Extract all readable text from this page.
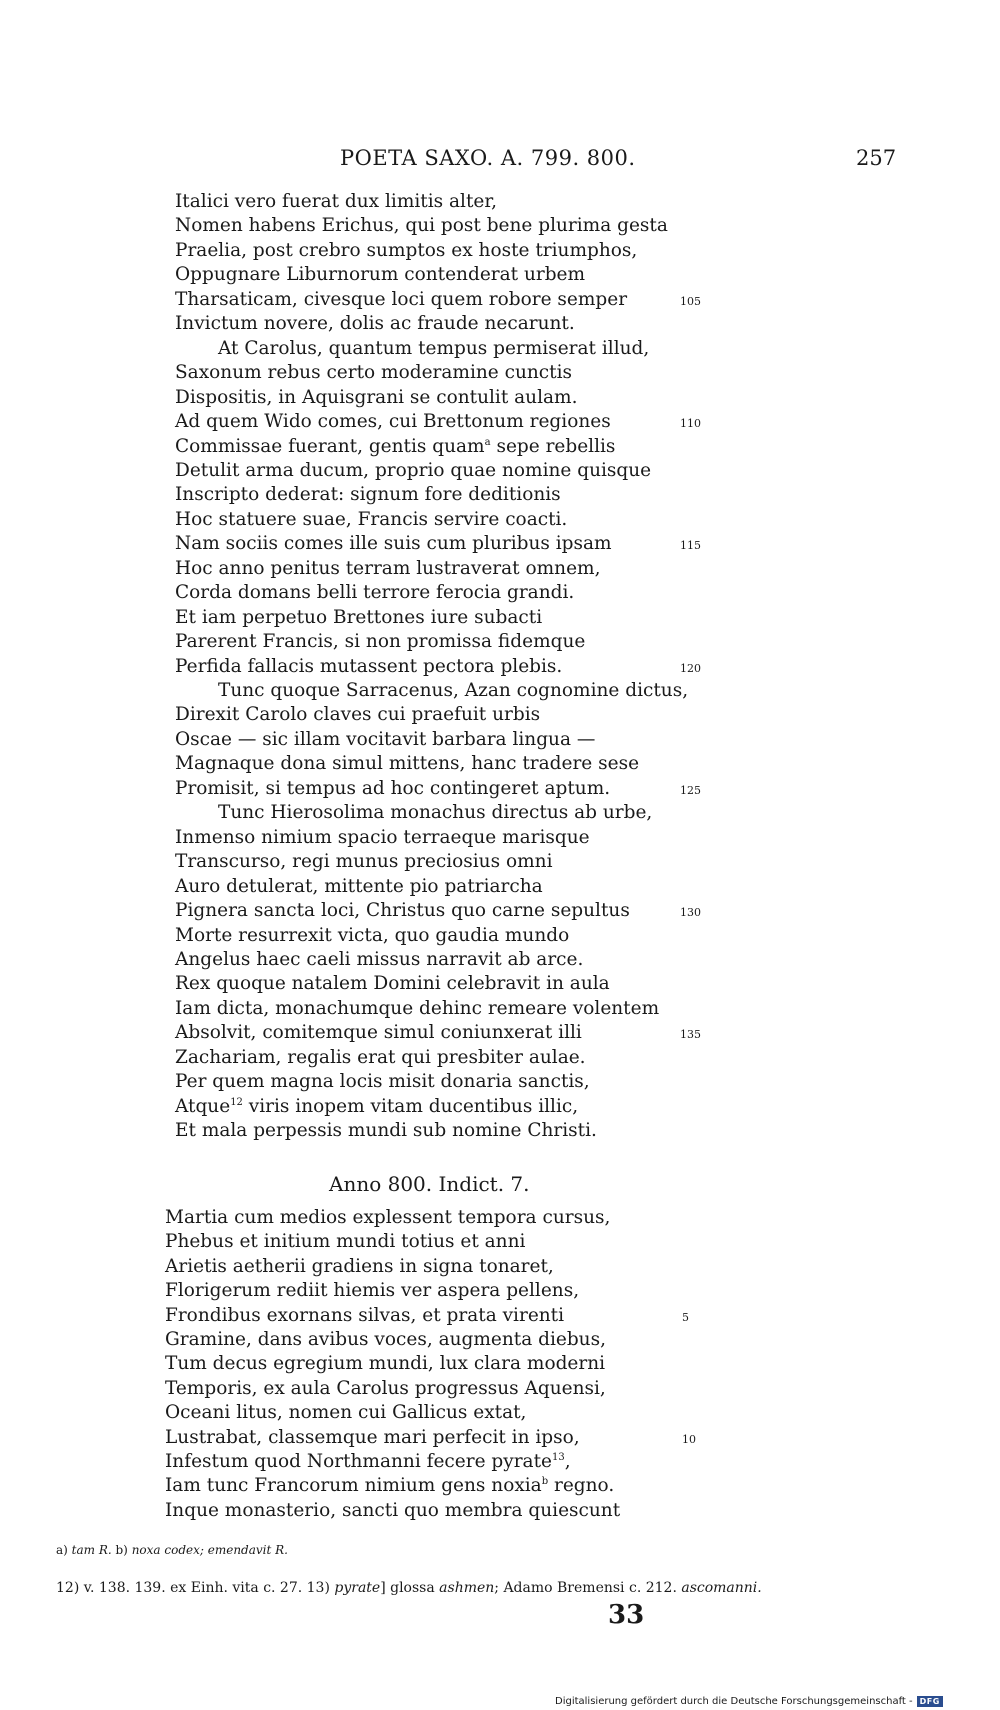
POETA SAXO. A. 799. 800.	257
Italici vero fuerat dux limitis alter,
Nomen habens Erichus, qui post bene plurima gesta
Praelia, post crebro sumptos ex hoste triumphos,
Oppugnare Liburnorum contenderat urbem
Tharsaticam, civesque loci quem robore semper
Invictum novere, dolis ac fraude necarunt.
At Carolus, quantum tempus permiserat illud,
Saxonum rebus certo moderamine cunctis
Dispositis, in Aquisgrani se contulit aulam.
Ad quem Wido comes, cui Brettonum regiones
Commissae fuerant, gentis quam$^a$ sepe rebellis
Detulit arma ducum, proprio quae nomine quisque
Inscripto dederat: signum fore deditionis
Hoc statuere suae, Francis servire coacti.
Nam sociis comes ille suis cum pluribus ipsam
Hoc anno penitus terram lustraverat omnem,
Corda domans belli terrore ferocia grandi.
Et iam perpetuo Brettones iure subacti
Parerent Francis, si non promissa fidemque
Perfida fallacis mutassent pectora plebis.
Tunc quoque Sarracenus, Azan cognomine dictus,
Direxit Carolo claves cui praefuit urbis
Oscae — sic illam vocitavit barbara lingua —
Magnaque dona simul mittens, hanc tradere sese
Promisit, si tempus ad hoc contingeret aptum.
Tunc Hierosolima monachus directus ab urbe,
Inmenso nimium spacio terraeque marisque
Transcurso, regi munus preciosius omni
Auro detulerat, mittente pio patriarcha
Pignera sancta loci, Christus quo carne sepultus
Morte resurrexit victa, quo gaudia mundo
Angelus haec caeli missus narravit ab arce.
Rex quoque natalem Domini celebravit in aula
Iam dicta, monachumque dehinc remeare volentem
Absolvit, comitemque simul coniunxerat illi
Zachariam, regalis erat qui presbiter aulae.
Per quem magna locis misit donaria sanctis,
Atque$^{12}$ viris inopem vitam ducentibus illic,
Et mala perpessis mundi sub nomine Christi.
105
110
115
120
125
130
135
Anno 800. Indict. 7.
Martia cum medios explessent tempora cursus,
Phebus et initium mundi totius et anni
Arietis aetherii gradiens in signa tonaret,
Florigerum rediit hiemis ver aspera pellens,
Frondibus exornans silvas, et prata virenti
Gramine, dans avibus voces, augmenta diebus,
Tum decus egregium mundi, lux clara moderni
Temporis, ex aula Carolus progressus Aquensi,
Oceani litus, nomen cui Gallicus extat,
Lustrabat, classemque mari perfecit in ipso,
Infestum quod Northmanni fecere pyrate$^{13}$,
Iam tunc Francorum nimium gens noxia$^b$ regno.
Inque monasterio, sancti quo membra quiescunt
5
10
a) tam R. b) noxa codex; emendavit R.
12) v. 138. 139. ex Einh. vita c. 27. 13) pyrate] glossa ashmen; Adamo Bremensi c. 212. ascomanni.
33
Digitalisierung gefördert durch die Deutsche Forschungsgemeinschaft - DFG
